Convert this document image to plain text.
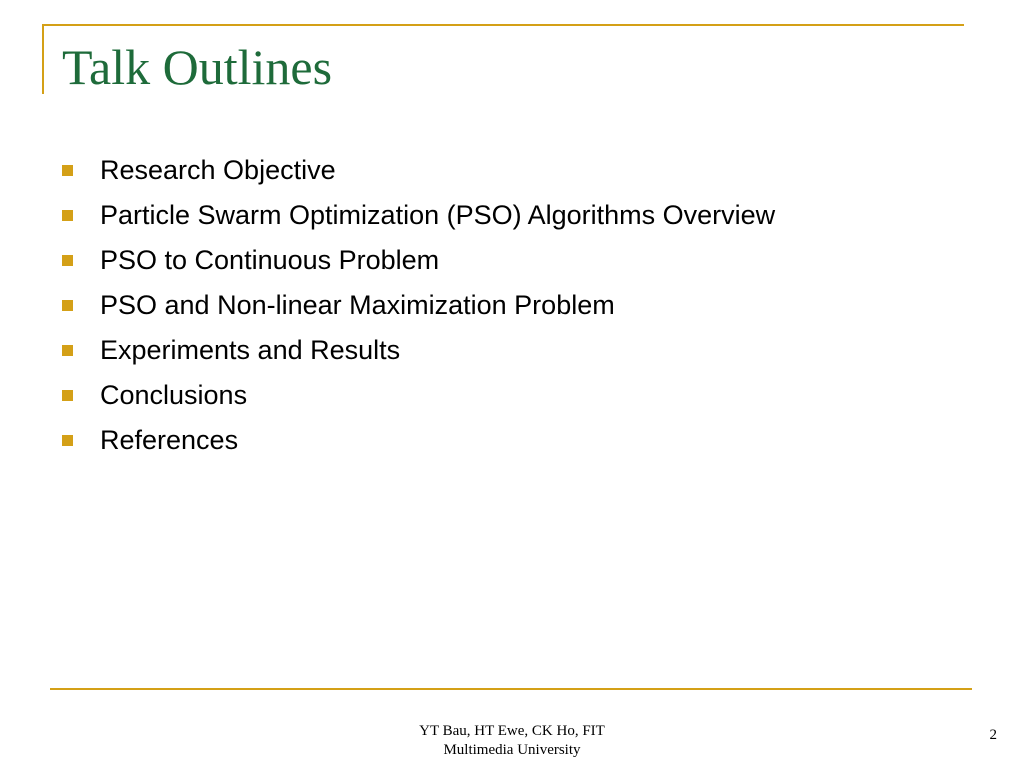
Talk Outlines
Research Objective
Particle Swarm Optimization (PSO) Algorithms Overview
PSO to Continuous Problem
PSO and Non-linear Maximization Problem
Experiments and Results
Conclusions
References
YT Bau, HT Ewe, CK Ho, FIT
Multimedia University
2
